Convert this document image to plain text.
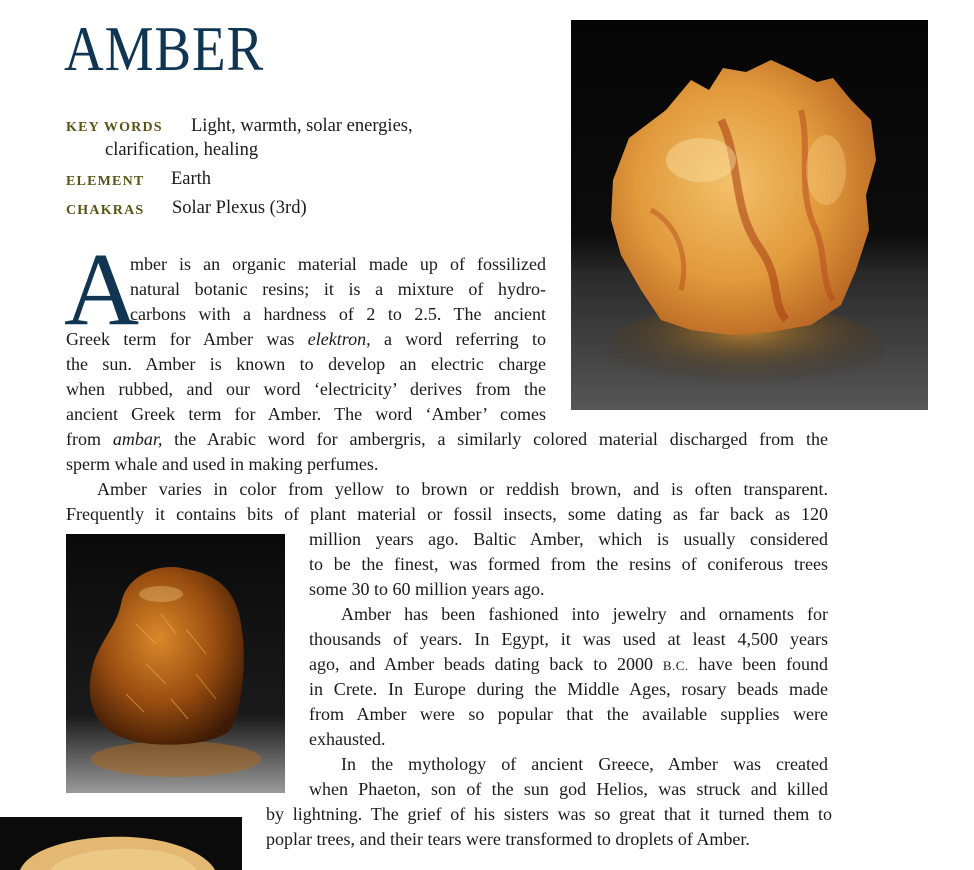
AMBER
KEY WORDS Light, warmth, solar energies,
clarification, healing
ELEMENT Earth
CHAKRAS Solar Plexus (3rd)
A

mber is an organic material made up of fossilized

natural botanic resins; it is a mixture of hydro-

carbons with a hardness of 2 to 2.5. The ancient

Greek term for Amber was elektron, a word referring to

the sun. Amber is known to develop an electric charge

when rubbed, and our word ‘electricity’ derives from the

ancient Greek term for Amber. The word ‘Amber’ comes

from ambar, the Arabic word for ambergris, a similarly colored material discharged from the

sperm whale and used in making perfumes.

Amber varies in color from yellow to brown or reddish brown, and is often transparent.

Frequently it contains bits of plant material or fossil insects, some dating as far back as 120

million years ago. Baltic Amber, which is usually considered

to be the finest, was formed from the resins of coniferous trees

some 30 to 60 million years ago.

Amber has been fashioned into jewelry and ornaments for

thousands of years. In Egypt, it was used at least 4,500 years

ago, and Amber beads dating back to 2000 B.C. have been found

in Crete. In Europe during the Middle Ages, rosary beads made

from Amber were so popular that the available supplies were

exhausted.

In the mythology of ancient Greece, Amber was created

when Phaeton, son of the sun god Helios, was struck and killed

by lightning. The grief of his sisters was so great that it turned them to

poplar trees, and their tears were transformed to droplets of Amber.
